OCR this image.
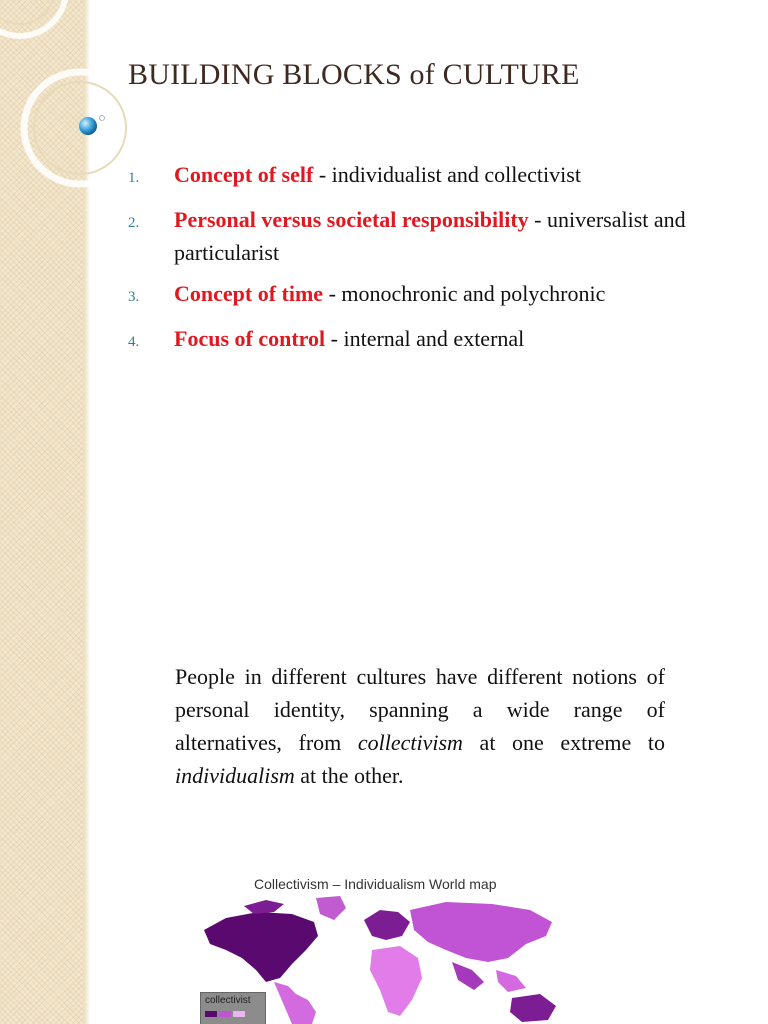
BUILDING BLOCKS of CULTURE
1.	Concept of self - individualist and collectivist
2.	Personal versus societal responsibility - universalist and particularist
3.	Concept of time - monochronic and polychronic
4.	Focus of control - internal and external

People in different cultures have different notions of personal identity, spanning a wide range of alternatives, from collectivism at one extreme to individualism at the other.

Collectivism – Individualism World map
collectivist
